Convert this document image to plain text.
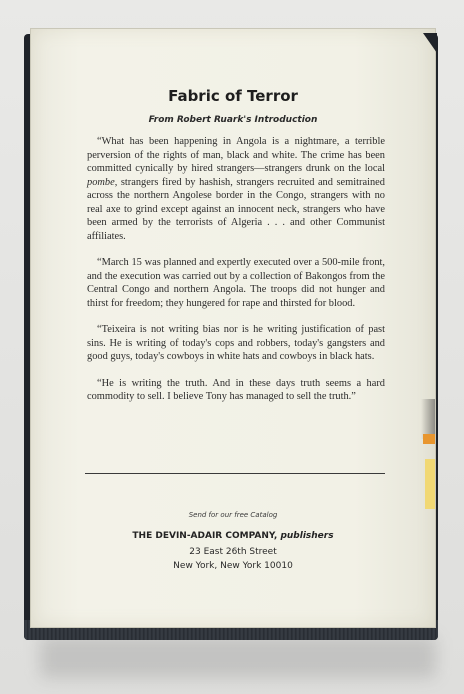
Fabric of Terror
From Robert Ruark's Introduction

“What has been happening in Angola is a nightmare, a terrible perversion of the rights of man, black and white. The crime has been committed cynically by hired strangers—strangers drunk on the local pombe, strangers fired by hashish, strangers recruited and semitrained across the northern Angolese border in the Congo, strangers with no real axe to grind except against an innocent neck, strangers who have been armed by the terrorists of Algeria . . . and other Communist affiliates.

“March 15 was planned and expertly executed over a 500-mile front, and the execution was carried out by a collection of Bakongos from the Central Congo and northern Angola. The troops did not hunger and thirst for freedom; they hungered for rape and thirsted for blood.

“Teixeira is not writing bias nor is he writing justification of past sins. He is writing of today's cops and robbers, today's gangsters and good guys, today's cowboys in white hats and cowboys in black hats.

“He is writing the truth. And in these days truth seems a hard commodity to sell. I believe Tony has managed to sell the truth.”

Send for our free Catalog
THE DEVIN-ADAIR COMPANY, publishers
23 East 26th Street
New York, New York 10010
